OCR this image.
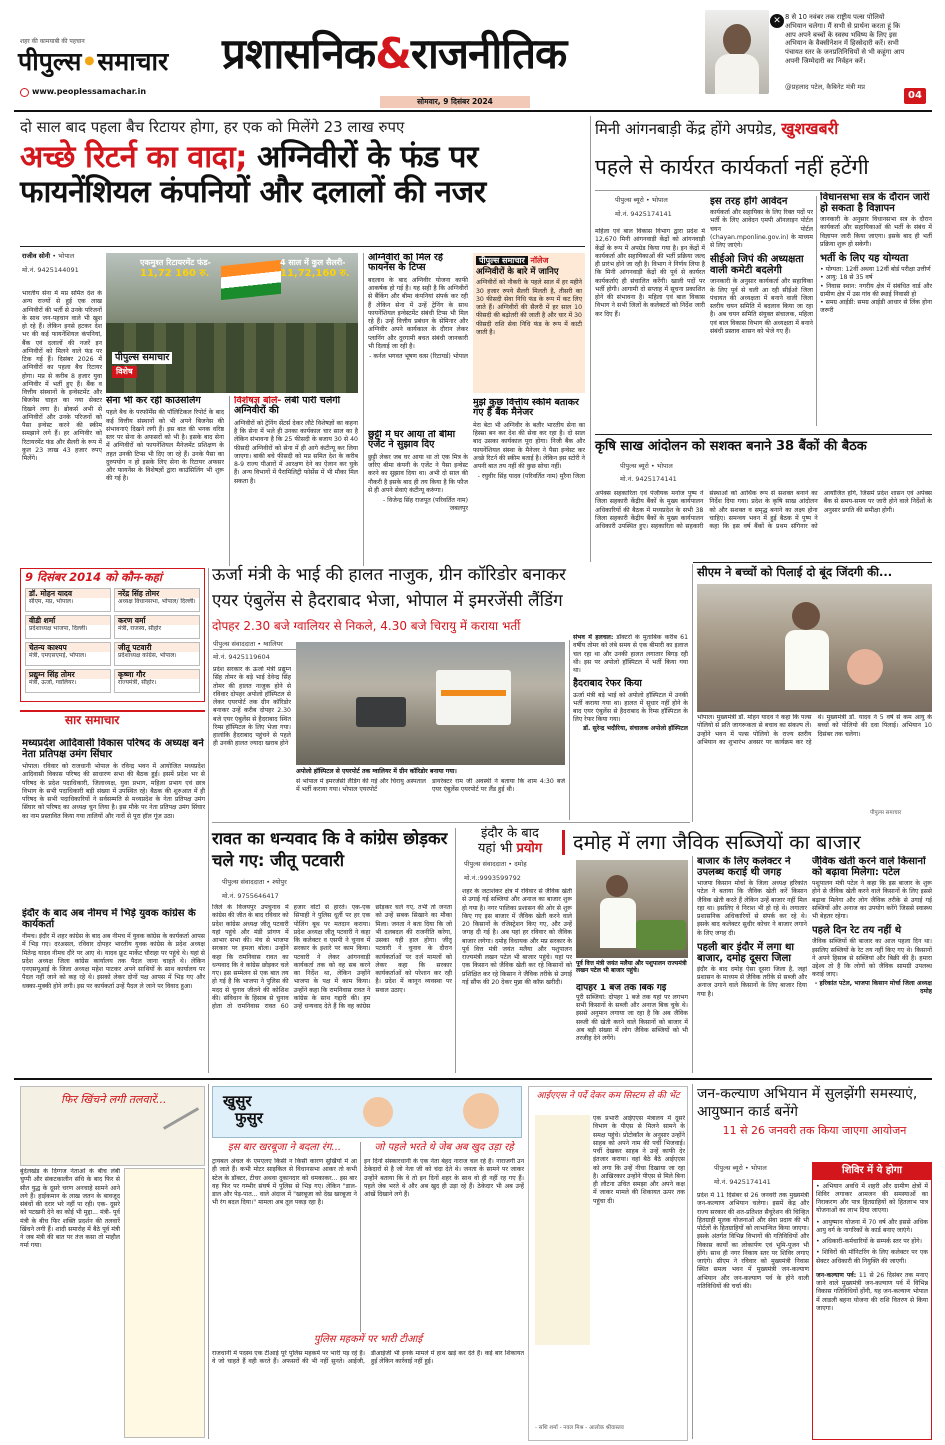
शहर की कामयाबी की पहचान
पीपुल्स•समाचार
www.peoplessamachar.in
प्रशासनिक&राजनीतिक
सोमवार, 9 दिसंबर 2024
✕ 8 से 10 नवंबर तक राष्ट्रीय पल्स पोलियो अभियान चलेगा। मैं सभी से प्रार्थना करता हूं कि आप अपने बच्चों के स्वस्थ भविष्य के लिए इस अभियान के वैक्सीनेशन में हिस्सेदारी करें। सभी पंचायत स्तर के जनप्रतिनिधियों से भी कहूंगा आप अपनी जिम्मेदारी का निर्वहन करें।
@प्रहलाद पटेल, कैबिनेट मंत्री मप्र
04
दो साल बाद पहला बैच रिटायर होगा, हर एक को मिलेंगे 23 लाख रुपए
अच्छे रिटर्न का वादा; अग्निवीरों के फंड पर फायनेंशियल कंपनियों और दलालों की नजर
राजीव सोनी • भोपाल
मो.नं. 9425144091
भारतीय सेना में मप्र समित देश के अन्य राज्यों से हुई एक लाख अग्निवीरों की भर्ती से उनके परिजनों के साथ जन-पहचान वाले भी खुश हो रहे हैं। लेकिन इनसे हटकर देश भर की कई फायनेंशियल कंपनियां, बैंक एवं दलालों की नजरें इन अग्निवीरों को मिलने वाले फंड पर टिक गई हैं। दिसंबर 2026 में अग्निवीरों का पहला बैच रिटायर होगा। मप्र से करीब 8 हजार युवा अग्निवीर में भर्ती हुए हैं। बैंक व वित्तीय संस्थानों के इन्वेस्टमेंट और बिजनेस चाहत का नया सेक्टर दिखने लगा है। ब्रोकर्स अभी से अग्निवीरों और उनके परिजनों को पैसा इन्वेस्ट करने की स्कीम समझाने लगे हैं। हर अग्निवीर को रिटायरमेंट फंड और सैलरी के रूप में कुल 23 लाख 43 हजार रुपए मिलेंगे।
एकमुश्त रिटायरमेंट फंड-
11,72 160 रु.
4 साल में कुल सैलरी-
11,72,160 रु.
पीपुल्स समाचार
विशेष
सेना भी कर रही काउंसलिंग
पहले बैच के परफॉर्मेंस की पॉलिटिकल रिपोर्ट के बाद कई वित्तीय संस्थानों को भी अपने बिजनेस की संभावनाएं दिखने लगी हैं। इस बात की भनक वरिष्ठ स्तर पर सेना के अफसरों को भी है। इसके बाद सेना में अग्निवीरों को फायनेंशियल मैनेजमेंट प्रशिक्षण के तहत उनकी टिप्स भी दिए जा रहे हैं। उनके पैसा का दुरुपयोग न हो इसके लिए सेना के रिटायर अफसर और फायनेंस के विशेषज्ञों द्वारा काउंसिलिंग भी शुरू की गई है।
विशेषज्ञ बोले- लंबी पारी चलेगी अग्निवीरों की
अग्निवीरों को ट्रेनिंग सेंटर्स देकर लौटे विशेषज्ञों का कहना है कि सेना में भले ही उनका कार्यकाल चार साल का है लेकिन संभावना है कि 25 फीसदी के बजाय 30 से 40 फीसदी अग्निवीरों को सेना में ही आगे कंटीन्यू कर लिया जाएगा। बाकी बचे फीसदी को मप्र समित देश के करीब 8-9 राज्य पीआरों में आरक्षण देने का ऐलान कर चुके हैं। अन्य विभागों में पैरामिलिट्री फोर्सेस में भी मौका मिल सकता है।
अग्निवीरों को मिल रहे फायनेंस के टिप्स
बदलाव के बाद अग्निवीर योजना काफी आकर्षक हो गई है। यह सही है कि अग्निवीरों से बैंकिंग और बीमा कंपनियां संपर्क कर रही हैं लेकिन सेना में उन्हें ट्रेनिंग के साथ फायनेंशियल इन्वेस्टमेंट संबंधी टिप्स भी मिल रहे हैं। उन्हें वित्तीय प्रबंधन के सेमिनार और अग्निवीर अपने कार्यकाल के दौरान लेकर प्लानिंग और दुरगामी बचत संबंधी जानकारी भी दिलाई जा रही है।
- कर्नल भगवत भूषण वत्स (रिटायर्ड) भोपाल
छुट्टी में घर आया तो बीमा एजेंट ने सुझाव दिए
छुट्टी लेकर जब घर आया था तो एक मित्र के जरिए बीमा कंपनी के एजेंट ने पैसा इन्वेस्ट करने का सुझाव दिया था। अभी दो साल की नौकरी है इसके बाद ही तय किया है कि फौज से ही अपने सेवाएं कंटीन्यू करूंगा।
- विजेन्द्र सिंह राजपूत (परिवर्तित नाम) जबलपुर
पीपुल्स समाचार नॉलेज
अग्निवीरों के बारे में जानिए
अग्निवीरों को नौकरी के पहले साल में हर महीने 30 हजार रुपये सैलरी मिलती है, तीसरी का 30 फीसदी सेवा निधि फंड के रूप में कट लिए जाते हैं। अग्निवीरों की सैलरी में हर साल 10 फीसदी की बढ़ोतरी की जाती है और चार में 30 फीसदी राशि सेवा निधि फंड के रूप में काटी जाती है।
मुझे कुछ वित्तीय स्कीमें बताकर गए हैं बैंक मैनेजर
मेरा बेटा भी अग्निवीर के बतौर भारतीय सेना का हिस्सा बन कर देश की सेवा कर रहा है। दो साल बाद उसका कार्यकाल पूरा होगा। निजी बैंक और फायनेंशियल संस्था के मैनेजर ने पैसा इन्वेस्ट कर अच्छे रिटर्न की स्कीम बताई है। लेकिन इस स्टोरी ने अपनी बात तय नहीं की कुछ सोचा नहीं।
- रघुवीर सिंह यादव (परिवर्तित नाम) मुरैना जिला
9 दिसंबर 2014 को कौन-कहां
डॉ. मोहन यादव
सीएम, मप्र, भोपाल।
नरेंद्र सिंह तोमर
अध्यक्ष विधानसभा, भोपाल/ दिल्ली।
वीडी शर्मा
प्रदेशाध्यक्ष भाजपा, दिल्ली।
करण वर्मा
मंत्री, राजस्व, सीहोर
चेतन्य काश्यप
मंत्री, एमएसएमई, भोपाल।
जीतू पटवारी
प्रदेशाध्यक्ष कांग्रेस, भोपाल।
प्रद्युम्न सिंह तोमर
मंत्री, ऊर्जा, ग्वालियर।
कृष्णा गौर
राज्यमंत्री, सीहोर।
सार समाचार
मध्यप्रदेश आदिवासी विकास परिषद के अध्यक्ष बने नेता प्रतिपक्ष उमंग सिंघार
भोपाल। रविवार को राजधानी भोपाल के रविन्द्र भवन में आयोजित मध्यप्रदेश आदिवासी विकास परिषद की साधारण सभा की बैठक हुई। इसमें प्रदेश भर से परिषद के प्रदेश पदाधिकारी, जिलाध्यक्ष, युवा प्रभाग, महिला प्रभाग एवं छात्र विभाग के सभी पदाधिकारी बड़ी संख्या में उपस्थित रहे। बैठक की शुरुआत में ही परिषद के सभी पदाधिकारियों ने सर्वसम्मति से मध्यप्रदेश के नेता प्रतिपक्ष उमंग सिंघार को परिषद का अध्यक्ष चुन लिया है। इस मौके पर नेता प्रतिपक्ष उमंग सिंघार का नाम प्रस्तावित किया गया तालियों और नारों से पूरा हॉल गूंज उठा।
इंदौर के बाद अब नीमच में भिड़े युवक कांग्रेस के कार्यकर्ता
नीमच। इंदौर में शहर कांग्रेस के बाद अब नीमच में युवक कांग्रेस के कार्यकर्ता आपस में भिड़ गए। दरअसल, रविवार दोपहर भारतीय युवक कांग्रेस के प्रदेश अध्यक्ष मितेन्द्र यादव नीमच दौरे पर आए थे। यादव फ्रूट मार्केट चौराहा पर पहुंचे थे। यहां से प्रदेश अध्यक्ष जिला कांग्रेस कार्यालय तक पैदल जाना चाहते थे। लेकिन एनएसयूआई के जिला अध्यक्ष महेश पाटकर अपने साथियों के साथ कार्यालय पर पैदल नहीं जाने को कह रहे थे। इसको लेकर दोनों पक्ष आपस में भिड़ गए और धक्का-मुक्की होने लगी। इस पर कार्यकर्ता उन्हें पैदल ले जाने पर विवाद हुआ।
ऊर्जा मंत्री के भाई की हालत नाजुक, ग्रीन कॉरिडोर बनाकर
एयर एंबुलेंस से हैदराबाद भेजा, भोपाल में इमरजेंसी लैंडिंग
दोपहर 2.30 बजे ग्वालियर से निकले, 4.30 बजे चिरायु में कराया भर्ती
पीपुल्स संवाददाता • ग्वालियर
मो.नं. 9425119604
प्रदेश सरकार के ऊर्जा मंत्री प्रद्युम्न सिंह तोमर के बड़े भाई देवेन्द्र सिंह तोमर की हालत नाजुक होने से रविवार दोपहर अपोलो हॉस्पिटल से लेकर एयरपोर्ट तक ग्रीन कॉरिडोर बनाकर उन्हें करीब दोपहर 2.30 बजे एयर एंबुलेंस से हैदराबाद स्थित रिम्स हॉस्पिटल के लिए भेजा गया। हालांकि हैदराबाद पहुंचने से पहले ही उनकी हालत ज्यादा खराब होने
अपोलो हॉस्पिटल से एयरपोर्ट तक ग्वालियर में ग्रीन कॉरिडोर बनाया गया।
से भोपाल में इमरजेंसी लैंडिंग की गई और चिरायु अस्पताल में भर्ती कराया गया। भोपाल एयरपोर्ट
डायरेक्टर राम जी अवस्थी ने बताया कि शाम 4:30 बजे एयर एंबुलेंस एयरपोर्ट पर लैंड हुई थी।
संभव में हलचल: डॉक्टरों के मुताबिक करीब 61 वर्षीय तोमर को लंबे समय से एक बीमारी का इलाज चल रहा था और उनकी हालत लगातार बिगड़ रही थी। इस पर अपोलो हॉस्पिटल में भर्ती किया गया था।
हैदराबाद रेफर किया
ऊर्जा मंत्री बड़े भाई को अपोलो हॉस्पिटल में उनकी भर्ती कराया गया था। हालत में सुधार नहीं होने के बाद एयर एंबुलेंस से हैदराबाद के रिम्स हॉस्पिटल के लिए रेफर किया गया।
डॉ. सुरेन्द्र भदौरिया, संचालक अपोलो हॉस्पिटल
मिनी आंगनबाड़ी केंद्र होंगे अपग्रेड, खुशखबरी
पहले से कार्यरत कार्यकर्ता नहीं हटेंगी
पीपुल्स ब्यूरो • भोपाल
मो.नं. 9425174141
महिला एवं बाल विकास विभाग द्वारा प्रदेश में 12,670 मिनी आंगनवाड़ी केंद्रों को आंगनवाड़ी केंद्रों के रूप में अपग्रेड किया गया है। इन केंद्रों में कार्यकर्ता और सहायिकाओं की भर्ती प्रक्रिया जल्द ही प्रारंभ होने जा रही है। विभाग ने निर्णय लिया है कि मिनी आंगनवाड़ी केंद्रों की पूर्व से कार्यरत कार्यकर्ताएं ही संचालित करेंगी। खाली पदों पर भर्ती होगी। आगामी दो सप्ताह में सूचना प्रकाशित होने की संभावना है। महिला एवं बाल विकास विभाग ने सभी जिलों के कलेक्टरों को निर्देश जारी कर दिए हैं।
इस तरह होंगे आवेदन
कार्यकर्ता और सहायिका के लिए रिक्त पदों पर भर्ती के लिए आवेदन एमपी ऑनलाइन पोर्टल चयन पोर्टल (chayan.mponline.gov.in) के माध्यम से लिए जाएंगे।
सीईओ जिपं की अध्यक्षता वाली कमेटी बदलेगी
जानकारी के अनुसार कार्यकर्ता और सहायिका के लिए पूर्व से चली आ रही सीईओ जिला पंचायत की अध्यक्षता में बनाने वाली जिला स्तरीय चयन समिति में बदलाव किया जा रहा है। अब चयन समिति संयुक्त संचालक, महिला एवं बाल विकास विभाग की अध्यक्षता में बनाने संबंधी प्रस्ताव शासन को भेजे गए हैं।
विधानसभा सत्र के दौरान जारी हो सकता है विज्ञापन
जानकारी के अनुसार विधानसभा सत्र के दौरान कार्यकर्ता और सहायिकाओं की भर्ती के संबंध में विज्ञापन जारी किया जाएगा। इसके बाद ही भर्ती प्रक्रिया शुरू हो सकेगी।
भर्ती के लिए यह योग्यता
• योग्यता: 12वीं अथवा 12वीं बोर्ड परीक्षा उत्तीर्ण
• आयु: 18 से 35 वर्ष
• निवास स्थान: नगरीय क्षेत्र में संबंधित वार्ड और ग्रामीण क्षेत्र में उस गांव की स्थाई निवासी हो
• समग्र आईडी: समग्र आईडी आधार से लिंक होना जरूरी
कृषि साख आंदोलन को सशक्त बनाने 38 बैंकों की बैठक
पीपुल्स ब्यूरो • भोपाल
मो.नं. 9425174141
अपेक्स सहकारिता एवं पंजीयक मनोज पुष्प ने जिला सहकारी केंद्रीय बैंकों के मुख्य कार्यपालन अधिकारियों की बैठक में मध्यप्रदेश के सभी 38 जिला सहकारी केंद्रीय बैंकों के मुख्य कार्यपालन अधिकारी उपस्थित हुए। सहकारिता को सहकारी संस्थाओं को आर्थिक रूप से सशक्त बनाने का निर्देश दिया गया। प्रदेश के कृषि साख आंदोलन को और सशक्त व समृद्ध बनाने का लक्ष्य होना चाहिए। समन्वय भवन में हुई बैठक में पुष्प ने कहा कि इस वर्ष बैंकों के प्रथम संगिनार को आयोजित होंगे, जिसमें प्रदेश शासन एवं अपेक्स बैंक से समय-समय पर जारी होने वाले निर्देशों के अनुसार प्रगति की समीक्षा होगी।
सीएम ने बच्चों को पिलाई दो बूंद जिंदगी की...
भोपाल। मुख्यमंत्री डॉ. मोहन यादव ने कहा कि पल्स पोलियो से प्रति जागरूकता से बचाव का संकल्प लें। उन्होंने भवन में पल्स पोलियो के राज्य स्तरीय अभियान का शुभारंभ अवसर पर कार्यक्रम कर रहे थे। मुख्यमंत्री डॉ. यादव ने 5 वर्ष से कम आयु के बच्चों को पोलियो की दवा पिलाई। अभियान 10 दिसंबर तक चलेगा।
पीपुल्स समाचार
रावत का धन्यवाद कि वे कांग्रेस छोड़कर चले गए: जीतू पटवारी
पीपुल्स संवाददाता • श्योपुर
मो.नं. 9755646417
जिले के विजयपुर उपचुनाव में कांग्रेस की जीत के बाद रविवार को प्रदेश कांग्रेस अध्यक्ष जीतू पटवारी यहां पहुंचे और मंडी प्रांगण में आभार सभा की। मंच से भाजपा सरकार पर हमला बोला। उन्होंने कहा कि रामनिवास रावत का धन्यवाद कि वे कांग्रेस छोड़कर चले गए। इस सम्मेलन से एक बात तय हो गई है कि भाजपा ने पुलिस की मदद से चुनाव जीतने की कोशिश की। संविधान के हिसाब से चुनाव होता तो रामनिवास रावत 60 हजार वोटों से हारते। एक-एक सिपाही ने पुलिस धूर्ती पर हर एक पोलिंग बूथ पर मतदान कराया। प्रदेश अध्यक्ष जीतू पटवारी ने कहा कि कलेक्टर व एसपी ने चुनाव में सरकार के इशारे पर काम किया। पटवारी ने लेकर आंगनवाड़ी कार्यकर्ता तक को वह सब करने का निर्देश था, लेकिन उन्होंने भाजपा के पक्ष में काम किया। उन्होंने कहा कि रामनिवास रावत ने कांग्रेस के साथ गद्दारी की। हम उन्हें धन्यवाद देते हैं कि वह कांग्रेस छोड़कर चले गए, तभी तो जनता को उन्हें सबक सिखाने का मौका मिला। जनता ने बता दिया कि जो भी दलबदल की राजनीति करेगा, उसका यही हाल होगा। जीतू पटवारी ने चुनाव के दौरान कार्यकर्ताओं पर दर्ज मामलों को लेकर कहा कि सरकार कार्यकर्ताओं को परेशान कर रही है। प्रदेश में कानून व्यवस्था पर सवाल उठाए।
इंदौर के बाद
यहां भी प्रयोग	दमोह में लगा जैविक सब्जियों का बाजार
पीपुल्स संवाददाता • दमोह
मो.नं.:9993599792
शहर के जटाशंकर क्षेत्र में रविवार से जैविक खेती से उगाई गई सब्जियां और अनाज का बाजार शुरू हो गया है। नगर पालिका प्रशासन की ओर से शुरू किए गए इस बाजार में जैविक खेती करने वाले 20 किसानों के रजिस्ट्रेशन किए गए, और उन्हें जगह दी गई है। अब यहां हर रविवार को जैविक बाजार लगेगा। दमोह विधायक और मप्र सरकार के पूर्व वित्त मंत्री जयंत मलैया और पशुपालन राज्यमंत्री लखन पटेल भी बाजार पहुंचे। यहां पर एक किसान को जैविक खेती कर रहे किसानों को प्रशिक्षित कर रहे किसान ने जैविक तरीके से उगाई गई सौंफ की 20 देकर मुन्ना की कॉफ़ खरीदी।
पूर्व वित्त मंत्री जयंत मलैया और पशुपालन राज्यमंत्री लखन पटेल भी बाजार पहुंचे।
दोपहर 1 बजे तक बिक गई
पूरी सब्जियां: दोपहर 1 बजे तक यहां पर लगभग सभी किसानों के सब्जी और अनाज बिक चुके थे। इससे अनुमान लगाया जा रहा है कि अब जैविक सब्जी की खेती करने वाले किसानों को बाजार में अब बड़ी संख्या में लोग जैविक सब्जियों को भी तरजीह देने लगेंगे।
बाजार के लिए कलेक्टर ने उपलब्ध कराई थी जगह
भाजपा किसान मोर्चा के जिला अध्यक्ष हरिकांत पटेल ने बताया कि जैविक खेती करें किसान जैविक खेती करते हैं लेकिन उन्हें बाजार नहीं मिल रहा था। इसलिए वे निराश भी हो रहे थे। लगातार प्रशासनिक अधिकारियों से संपर्क कर रहे थे। इसके बाद कलेक्टर सुधीर कोचर ने बाजार लगाने के लिए जगह दी।
पहली बार इंदौर में लगा था बाजार, दमोह दूसरा जिला
इंदौर के बाद दमोह ऐसा दूसरा जिला है, जहां प्रशासन के माध्यम से जैविक तरीके से सब्जी और अनाज उगाने वाले किसानों के लिए बाजार दिया गया है।
जैविक खेती करने वाले किसानों को बढ़ावा मिलेगा: पटेल
पशुपालन मंत्री पटेल ने कहा कि इस बाजार के शुरू होने से जैविक खेती करने वाले किसानों के लिए इससे बढ़ावा मिलेगा और लोग जैविक तरीके से उगाई गई सब्जियों और अनाज का उपयोग करेंगे जिससे स्वास्थ्य भी बेहतर रहेगा।
पहले दिन रेट तय नहीं थे
जैविक सब्जियों की बाजार का आज पहला दिन था। इसलिए सब्जियों के रेट तय नहीं किए गए थे। किसानों ने अपने हिसाब से सब्जियां और बिक्री की है। हमारा उद्देश्य तो है कि लोगों को जैविक सामग्री उपलब्ध कराई जाए।
- हरिकांत पटेल, भाजपा किसान मोर्चा जिला अध्यक्ष दमोह
फिर खिंचने लगी तलवारें...
बुंदेलखंड के दिग्गज नेताओं के बीच लंबी चुप्पी और संकटकालीन संधि के बाद फिर से सीत युद्ध के दूसरे चरण अनचाहे सामने आने लगे हैं। हाईकमान के लाख जतन के बावजूद संबंधों की दरार भरे नहीं पा रही। एक- दूसरे को पटखनी देने का कोई भी मुद्दा... मंत्री- पूर्व मंत्री के बीच फिर शक्ति प्रदर्शन की तलवारें खिंचने लगी हैं। शादी समारोह में बैठे पूर्व मंत्री ने जब मंत्री की बात पर तंज कसा तो माहौल गर्मा गया।
खुसुर
फुसुर
इस बार खरबूजा ने बदला रंग...
ट्रायबल अंचल के एमएलए किसी न किसी कारण सुर्खियों में आ ही जाते हैं। कभी मोटर साइकिल से विधानसभा आकर तो कभी स्टेज के डॉक्टर, टीचर अथवा दुकानदार को धमकाकर... इस बार वह फिर पर गम्भीर संघर्ष में पुलिस से भिड़ गए। लेकिन "डाल-डाल और पेड़-पात... वाले अंदाज में "खरबूजा को देख खरबूजा ने भी रंग बदल दिया।" मामला अब तूल पकड़ रहा है।
जो पहले भरते थे जेब अब खुद उड़ा रहे
इन दिनों संस्कारधानी के एक नेता बेहद नाराज चल रहे हैं। नाराजगी उन ठेकेदारों से है जो नेता जी को चंदा देते थे। जनता के सामने पर जाकर उन्होंने बताया कि वे तो इन दिनों शहर के साथ वो ही नहीं रह गए हैं। पहले जेब भरते थे और अब खुद ही उड़ा रहे हैं। ठेकेदार भी अब उन्हें आंखें दिखाने लगे हैं।
पुलिस महकमें पर भारी टीआई
राजधानी में पदस्थ एक टीआई पूरे पुलिस महकमें पर भारी पड़ रहे हैं। वे जो चाहते हैं वही करते हैं। अफसरों की भी नहीं सुनते। आईजी, डीआईजी भी इनके मामले में हाथ खड़े कर देते हैं। कई बार शिकायत हुई लेकिन कार्रवाई नहीं हुई।
आईएएस ने पर्दे देकर कम सिस्टम से की भेंट
एक प्रभारी आईएएस मंत्रालय में दूसरे विभाग के पीएस से मिलने सामने के समक्ष पहुंचे। प्रोटोकॉल के अनुसार उन्होंने साहब को अपने नाम की पर्ची भिजवाई। पर्ची देखकर साहब ने उन्हें काफी देर इंतजार कराया। वहां बैठे बैठे आईएएस को लगा कि उन्हें नीचा दिखाया जा रहा है। आखिरकार उन्होंने पीएस से मिले बिना ही लौटना उचित समझा और अपने कक्ष में जाकर मामले की शिकायत ऊपर तक पहुंचा दी।
- सशि शर्मा - नवल मिश्र - आलोक श्रीवास्तव
जन-कल्याण अभियान में सुलझेंगी समस्याएं, आयुष्मान कार्ड बनेंगे
11 से 26 जनवरी तक किया जाएगा आयोजन
पीपुल्स ब्यूरो • भोपाल
मो.नं. 9425174141
प्रदेश में 11 दिसंबर से 26 जनवरी तक मुख्यमंत्री जन-कल्याण अभियान चलेगा। इसमें केंद्र और राज्य सरकार की शत-प्रतिशत सैचुरेशन की चिन्हित हितग्राही मूलक योजनाओं और सेवा प्रदाय की भी पोर्टलों के हितग्राहियों को लाभान्वित किया जाएगा। इसके अंतर्गत विभिन्न विभागों की गतिविधियों और विकास कार्यों का लोकार्पण एवं भूमि-पूजन भी होंगे। साथ ही नगर निकाय स्तर पर शिविर लगाए जाएंगे। सीएम ने रविवार को मुख्यमंत्री निवास स्थित समत्व भवन में मुख्यमंत्री जन-कल्याण अभियान और जन-कल्याण पर्व के होने वाली गतिविधियों की चर्चा की।
शिविर में ये होगा
• अभियान अवधि में शहरी और ग्रामीण क्षेत्रों में शिविर लगाकर आमजन की समस्याओं का निराकरण और पात्र हितग्राहियों को हितलाभ पात्र योजनाओं का लाभ दिया जाएगा।
• आयुष्मान योजना में 70 वर्ष और इससे अधिक आयु वर्ग के नागरिकों के कार्ड बनाए जाएंगे।
• अधिकारी-कर्मचारियों के सम्पर्क स्तर पर होंगे।
• शिविरों की मॉनिटरिंग के लिए कलेक्टर पर एक सेक्टर अधिकारी की नियुक्ति की जाएगी।
जन-कल्याण पर्व: 11 से 26 दिसंबर तक मनाए जाने वाले मुख्यमंत्री जन-कल्याण पर्व में विभिन्न विकास गतिविधियों होंगी, यह जन-कल्याण भोपाल में लाडली बहना योजना की राशि वितरण से किया जाएगा।
